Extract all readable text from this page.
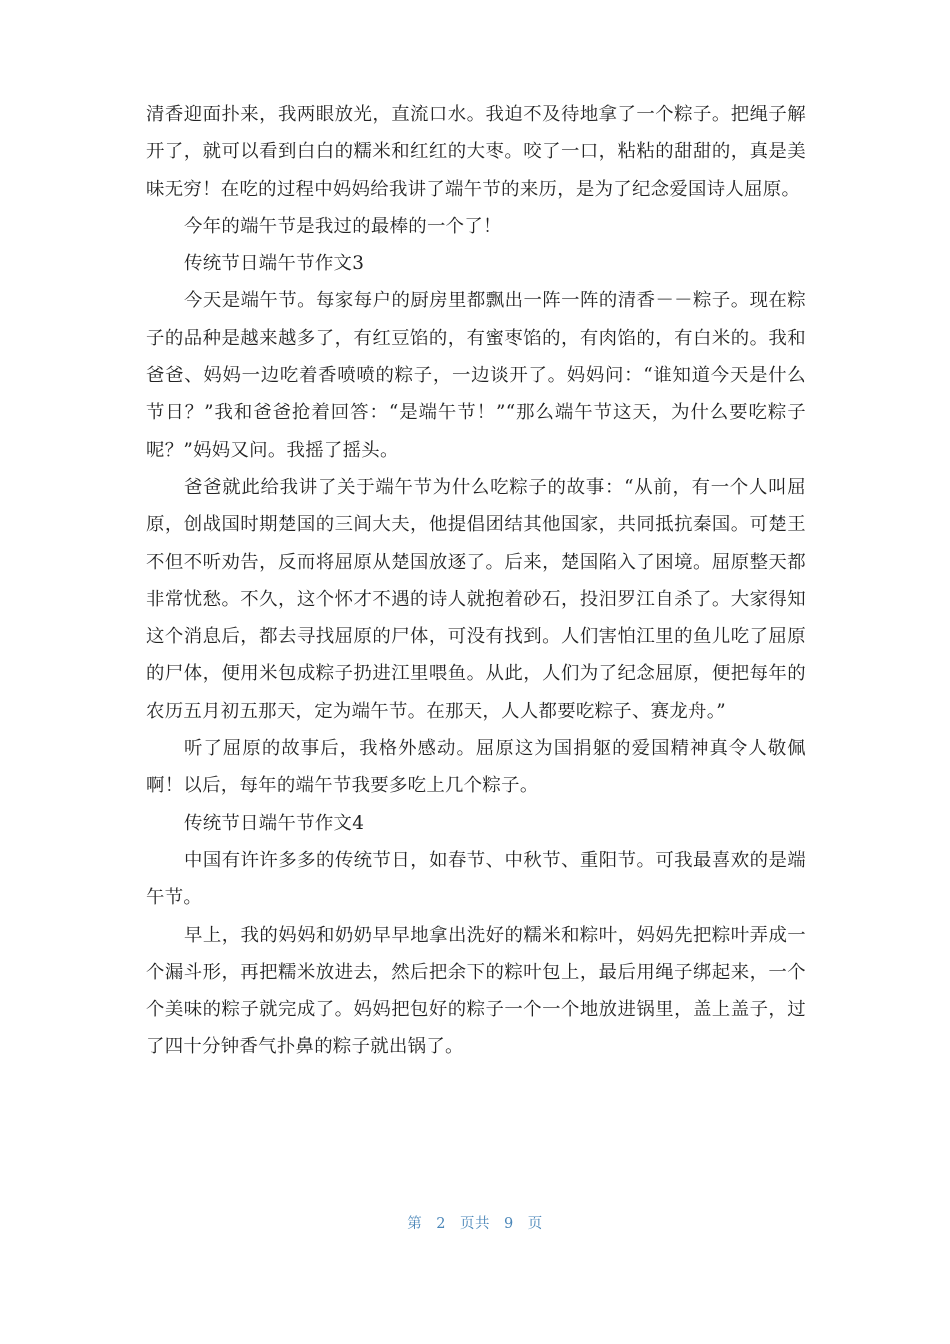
清香迎面扑来，我两眼放光，直流口水。我迫不及待地拿了一个粽子。把绳子解开了，就可以看到白白的糯米和红红的大枣。咬了一口，粘粘的甜甜的，真是美味无穷！在吃的过程中妈妈给我讲了端午节的来历，是为了纪念爱国诗人屈原。

今年的端午节是我过的最棒的一个了！

传统节日端午节作文3

今天是端午节。每家每户的厨房里都飘出一阵一阵的清香－－粽子。现在粽子的品种是越来越多了，有红豆馅的，有蜜枣馅的，有肉馅的，有白米的。我和爸爸、妈妈一边吃着香喷喷的粽子，一边谈开了。妈妈问：“谁知道今天是什么节日？”我和爸爸抢着回答：“是端午节！”“那么端午节这天，为什么要吃粽子呢？”妈妈又问。我摇了摇头。

爸爸就此给我讲了关于端午节为什么吃粽子的故事：“从前，有一个人叫屈原，创战国时期楚国的三闾大夫，他提倡团结其他国家，共同抵抗秦国。可楚王不但不听劝告，反而将屈原从楚国放逐了。后来，楚国陷入了困境。屈原整天都非常忧愁。不久，这个怀才不遇的诗人就抱着砂石，投汨罗江自杀了。大家得知这个消息后，都去寻找屈原的尸体，可没有找到。人们害怕江里的鱼儿吃了屈原的尸体，便用米包成粽子扔进江里喂鱼。从此，人们为了纪念屈原，便把每年的农历五月初五那天，定为端午节。在那天，人人都要吃粽子、赛龙舟。”

听了屈原的故事后，我格外感动。屈原这为国捐躯的爱国精神真令人敬佩啊！以后，每年的端午节我要多吃上几个粽子。

传统节日端午节作文4

中国有许许多多的传统节日，如春节、中秋节、重阳节。可我最喜欢的是端午节。

早上，我的妈妈和奶奶早早地拿出洗好的糯米和粽叶，妈妈先把粽叶弄成一个漏斗形，再把糯米放进去，然后把余下的粽叶包上，最后用绳子绑起来，一个个美味的粽子就完成了。妈妈把包好的粽子一个一个地放进锅里，盖上盖子，过了四十分钟香气扑鼻的粽子就出锅了。

第 2 页共 9 页
